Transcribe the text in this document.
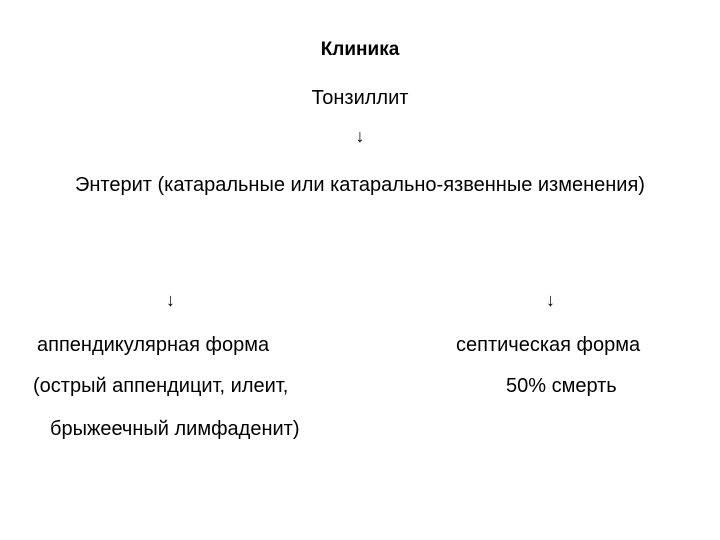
Клиника
Тонзиллит
↓
Энтерит (катаральные или катарально-язвенные изменения)
↓	↓
аппендикулярная форма
(острый аппендицит, илеит,
брыжеечный лимфаденит)
септическая форма
50% смерть
